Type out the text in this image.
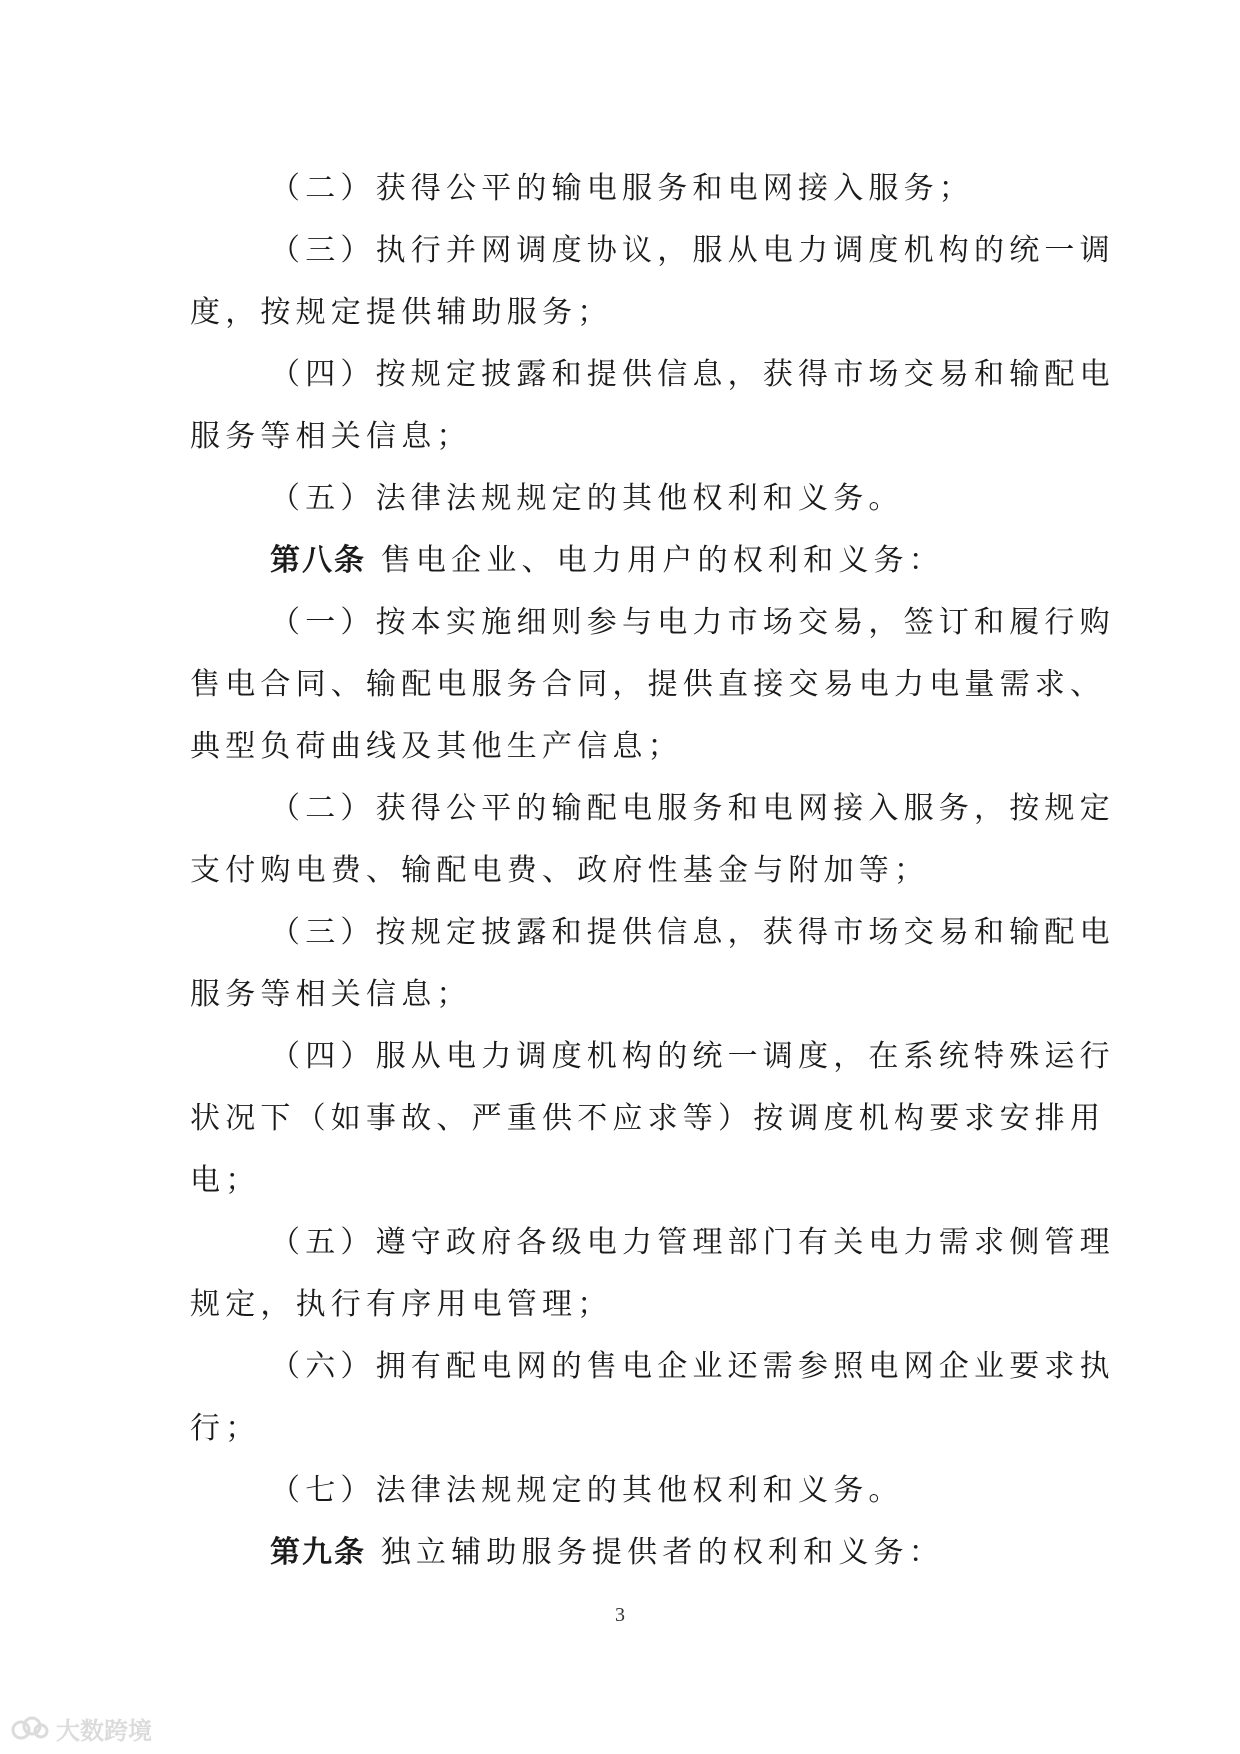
（二）获得公平的输电服务和电网接入服务；
（三）执行并网调度协议，服从电力调度机构的统一调
度，按规定提供辅助服务；
（四）按规定披露和提供信息，获得市场交易和输配电
服务等相关信息；
（五）法律法规规定的其他权利和义务。
第八条 售电企业、电力用户的权利和义务：
（一）按本实施细则参与电力市场交易，签订和履行购
售电合同、输配电服务合同，提供直接交易电力电量需求、
典型负荷曲线及其他生产信息；
（二）获得公平的输配电服务和电网接入服务，按规定
支付购电费、输配电费、政府性基金与附加等；
（三）按规定披露和提供信息，获得市场交易和输配电
服务等相关信息；
（四）服从电力调度机构的统一调度，在系统特殊运行
状况下（如事故、严重供不应求等）按调度机构要求安排用
电；
（五）遵守政府各级电力管理部门有关电力需求侧管理
规定，执行有序用电管理；
（六）拥有配电网的售电企业还需参照电网企业要求执
行；
（七）法律法规规定的其他权利和义务。
第九条 独立辅助服务提供者的权利和义务：
3
大数跨境
